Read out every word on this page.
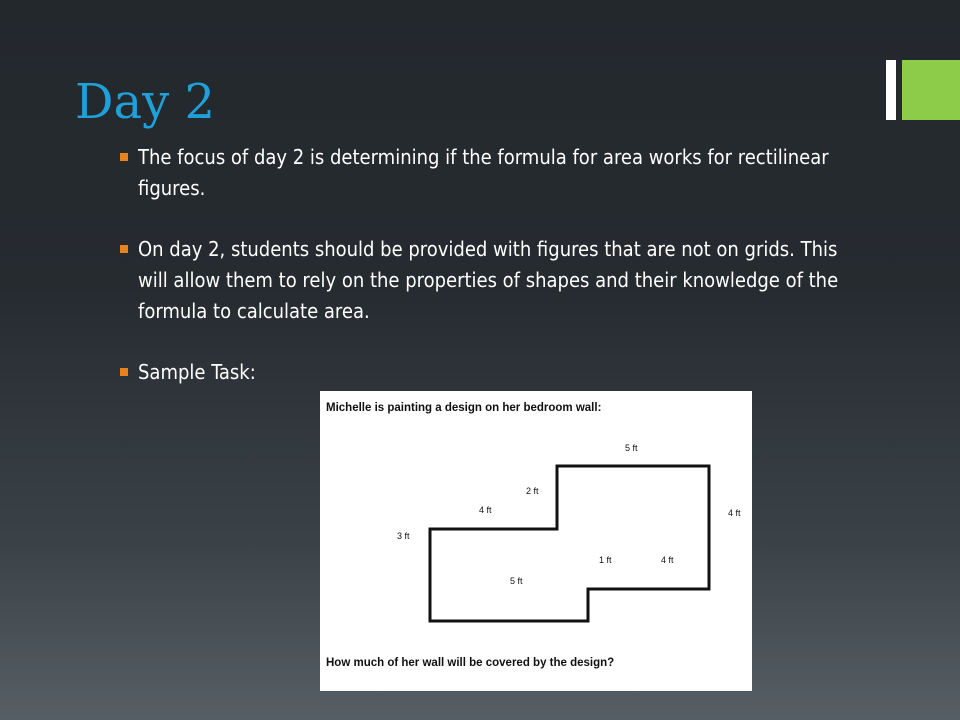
Day 2
The focus of day 2 is determining if the formula for area works for rectilinear figures.
On day 2, students should be provided with figures that are not on grids. This will allow them to rely on the properties of shapes and their knowledge of the formula to calculate area.
Sample Task:
Michelle is painting a design on her bedroom wall:
5 ft
2 ft
4 ft	4 ft
3 ft
1 ft	4 ft
5 ft
How much of her wall will be covered by the design?
